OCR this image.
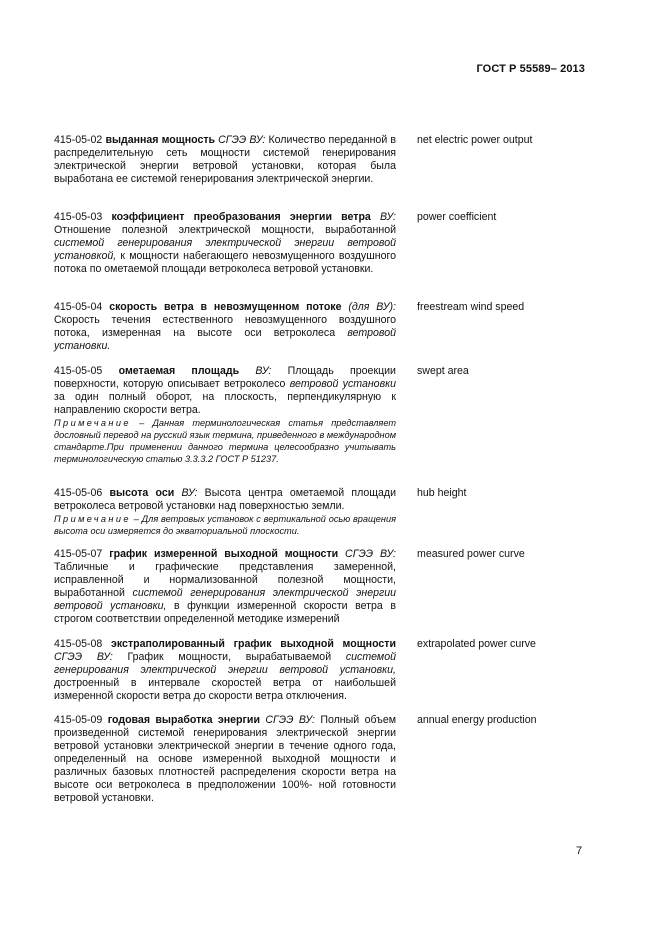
ГОСТ Р 55589– 2013
415-05-02 выданная мощность СГЭЭ ВУ: Количество переданной в распределительную сеть мощности системой генерирования электрической энергии ветровой установки, которая была выработана ее системой генерирования электрической энергии.
net electric power output
415-05-03 коэффициент преобразования энергии ветра ВУ: Отношение полезной электрической мощности, выработанной системой генерирования электрической энергии ветровой установкой, к мощности набегающего невозмущенного воздушного потока по ометаемой площади ветроколеса ветровой установки.
power coefficient
415-05-04 скорость ветра в невозмущенном потоке (для ВУ): Скорость течения естественного невозмущенного воздушного потока, измеренная на высоте оси ветроколеса ветровой установки.
freestream wind speed
415-05-05 ометаемая площадь ВУ: Площадь проекции поверхности, которую описывает ветроколесо ветровой установки за один полный оборот, на плоскость, перпендикулярную к направлению скорости ветра.
Примечание – Данная терминологическая статья представляет дословный перевод на русский язык термина, приведенного в международном стандарте.При применении данного термина целесообразно учитывать терминологическую статью 3.3.3.2 ГОСТ Р 51237.
swept area
415-05-06 высота оси ВУ: Высота центра ометаемой площади ветроколеса ветровой установки над поверхностью земли.
Примечание – Для ветровых установок с вертикальной осью вращения высота оси измеряется до экваториальной плоскости.
hub height
415-05-07 график измеренной выходной мощности СГЭЭ ВУ: Табличные и графические представления замеренной, исправленной и нормализованной полезной мощности, выработанной системой генерирования электрической энергии ветровой установки, в функции измеренной скорости ветра в строгом соответствии определенной методике измерений
measured power curve
415-05-08 экстраполированный график выходной мощности СГЭЭ ВУ: График мощности, вырабатываемой системой генерирования электрической энергии ветровой установки, достроенный в интервале скоростей ветра от наибольшей измеренной скорости ветра до скорости ветра отключения.
extrapolated power curve
415-05-09 годовая выработка энергии СГЭЭ ВУ: Полный объем произведенной системой генерирования электрической энергии ветровой установки электрической энергии в течение одного года, определенный на основе измеренной выходной мощности и различных базовых плотностей распределения скорости ветра на высоте оси ветроколеса в предположении 100%- ной готовности ветровой установки.
annual energy production
7
